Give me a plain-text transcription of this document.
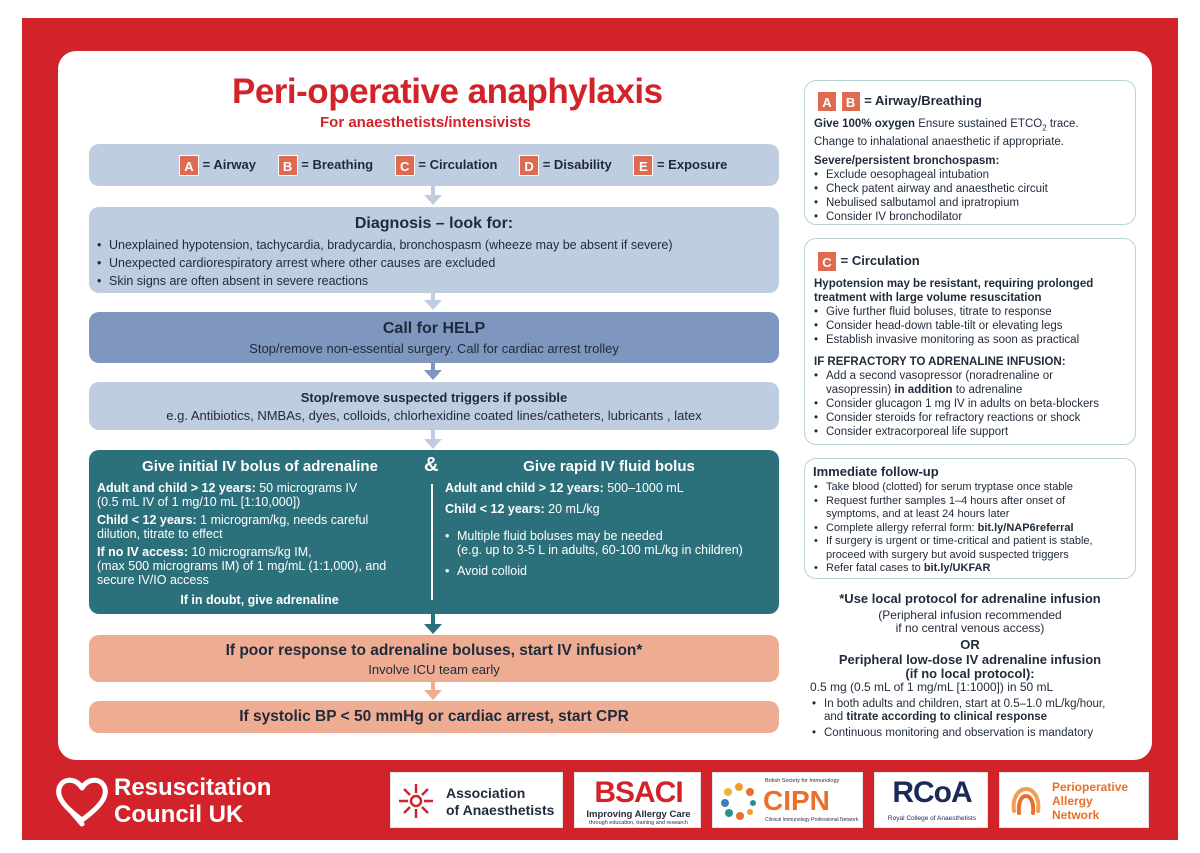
Peri-operative anaphylaxis
For anaesthetists/intensivists
A = Airway B = Breathing C = Circulation D = Disability E = Exposure
Diagnosis – look for:
• Unexplained hypotension, tachycardia, bradycardia, bronchospasm (wheeze may be absent if severe)
• Unexpected cardiorespiratory arrest where other causes are excluded
• Skin signs are often absent in severe reactions
Call for HELP
Stop/remove non-essential surgery. Call for cardiac arrest trolley
Stop/remove suspected triggers if possible
e.g. Antibiotics, NMBAs, dyes, colloids, chlorhexidine coated lines/catheters, lubricants , latex
Give initial IV bolus of adrenaline	&	Give rapid IV fluid bolus
Adult and child > 12 years: 50 micrograms IV
(0.5 mL IV of 1 mg/10 mL [1:10,000])
Child < 12 years: 1 microgram/kg, needs careful
dilution, titrate to effect
If no IV access: 10 micrograms/kg IM,
(max 500 micrograms IM) of 1 mg/mL (1:1,000), and
secure IV/IO access
If in doubt, give adrenaline
Adult and child > 12 years: 500–1000 mL
Child < 12 years: 20 mL/kg
• Multiple fluid boluses may be needed
(e.g. up to 3-5 L in adults, 60-100 mL/kg in children)
• Avoid colloid
If poor response to adrenaline boluses, start IV infusion*
Involve ICU team early
If systolic BP < 50 mmHg or cardiac arrest, start CPR
A B = Airway/Breathing
Give 100% oxygen Ensure sustained $ETCO_2$ trace.
Change to inhalational anaesthetic if appropriate.
Severe/persistent bronchospasm:
• Exclude oesophageal intubation
• Check patent airway and anaesthetic circuit
• Nebulised salbutamol and ipratropium
• Consider IV bronchodilator
C = Circulation
Hypotension may be resistant, requiring prolonged
treatment with large volume resuscitation
• Give further fluid boluses, titrate to response
• Consider head-down table-tilt or elevating legs
• Establish invasive monitoring as soon as practical
IF REFRACTORY TO ADRENALINE INFUSION:
• Add a second vasopressor (noradrenaline or
vasopressin) in addition to adrenaline
• Consider glucagon 1 mg IV in adults on beta-blockers
• Consider steroids for refractory reactions or shock
• Consider extracorporeal life support
Immediate follow-up
• Take blood (clotted) for serum tryptase once stable
• Request further samples 1–4 hours after onset of
symptoms, and at least 24 hours later
• Complete allergy referral form: bit.ly/NAP6referral
• If surgery is urgent or time-critical and patient is stable,
proceed with surgery but avoid suspected triggers
• Refer fatal cases to bit.ly/UKFAR
*Use local protocol for adrenaline infusion
(Peripheral infusion recommended
if no central venous access)
OR
Peripheral low-dose IV adrenaline infusion
(if no local protocol):
0.5 mg (0.5 mL of 1 mg/mL [1:1000]) in 50 mL
• In both adults and children, start at 0.5–1.0 mL/kg/hour,
and titrate according to clinical response
• Continuous monitoring and observation is mandatory
Resuscitation
Council UK
Association
of Anaesthetists
BSACI
Improving Allergy Care
through education, training and research
British Society for Immunology
CIPN
Clinical Immunology Professional Network
RCoA
Royal College of Anaesthetists
Perioperative
Allergy
Network
